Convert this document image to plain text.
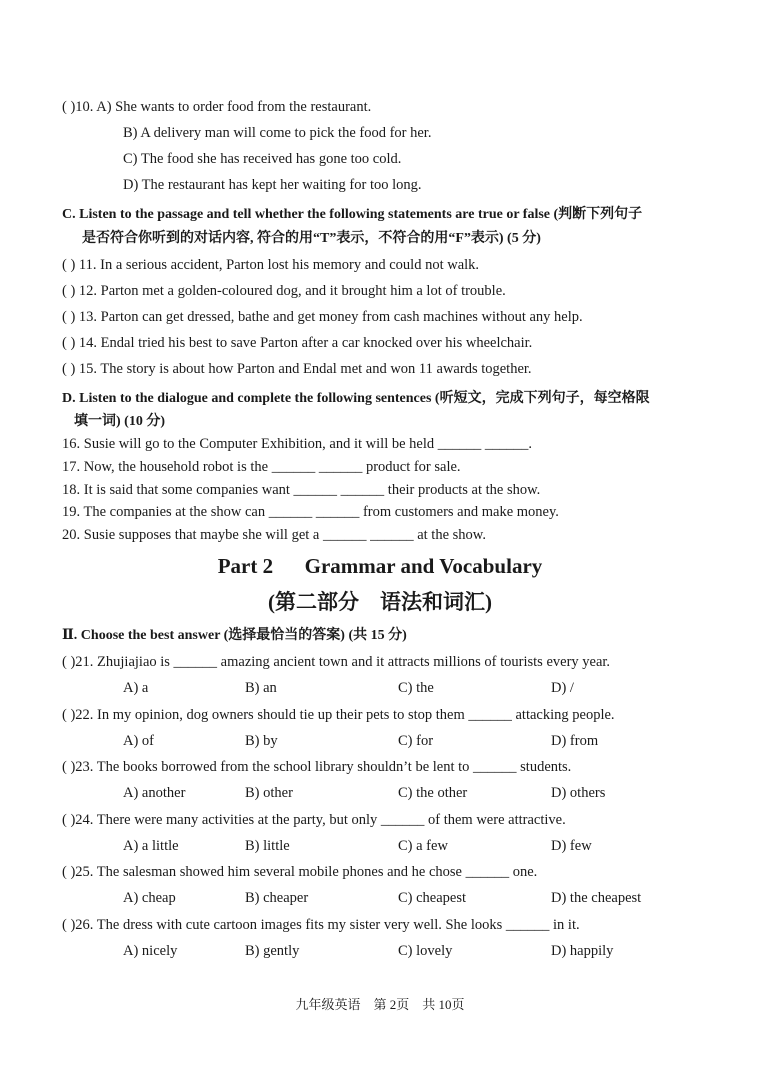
( )10. A) She wants to order food from the restaurant.
B) A delivery man will come to pick the food for her.
C) The food she has received has gone too cold.
D) The restaurant has kept her waiting for too long.
C. Listen to the passage and tell whether the following statements are true or false (判断下列句子
是否符合你听到的对话内容, 符合的用“T”表示，不符合的用“F”表示) (5 分)
( ) 11. In a serious accident, Parton lost his memory and could not walk.
( ) 12. Parton met a golden-coloured dog, and it brought him a lot of trouble.
( ) 13. Parton can get dressed, bathe and get money from cash machines without any help.
( ) 14. Endal tried his best to save Parton after a car knocked over his wheelchair.
( ) 15. The story is about how Parton and Endal met and won 11 awards together.
D. Listen to the dialogue and complete the following sentences (听短文，完成下列句子，每空格限
填一词) (10 分)
16. Susie will go to the Computer Exhibition, and it will be held ______ ______.
17. Now, the household robot is the ______ ______ product for sale.
18. It is said that some companies want ______ ______ their products at the show.
19. The companies at the show can ______ ______ from customers and make money.
20. Susie supposes that maybe she will get a ______ ______ at the show.
Part 2      Grammar and Vocabulary
(第二部分    语法和词汇)
Ⅱ. Choose the best answer (选择最恰当的答案) (共 15 分)
( )21. Zhujiajiao is ______ amazing ancient town and it attracts millions of tourists every year.
A) a	B) an	C) the	D) /
( )22. In my opinion, dog owners should tie up their pets to stop them ______ attacking people.
A) of	B) by	C) for	D) from
( )23. The books borrowed from the school library shouldn’t be lent to ______ students.
A) another	B) other	C) the other	D) others
( )24. There were many activities at the party, but only ______ of them were attractive.
A) a little	B) little	C) a few	D) few
( )25. The salesman showed him several mobile phones and he chose ______ one.
A) cheap	B) cheaper	C) cheapest	D) the cheapest
( )26. The dress with cute cartoon images fits my sister very well. She looks ______ in it.
A) nicely	B) gently	C) lovely	D) happily
九年级英语    第 2页    共 10页
